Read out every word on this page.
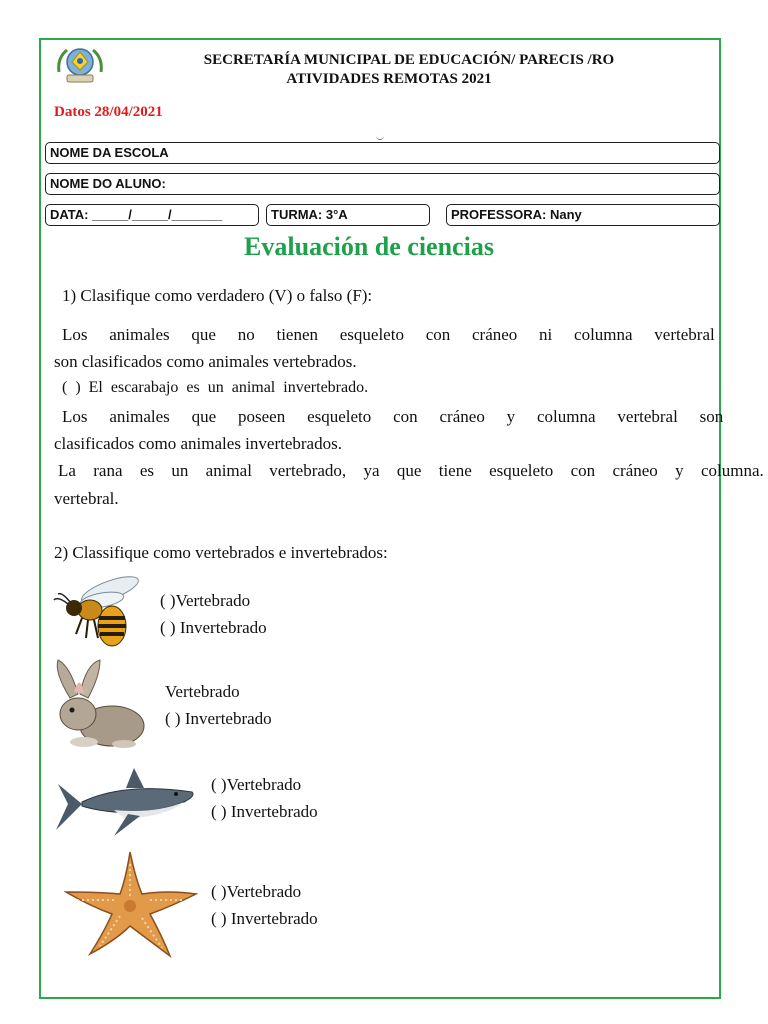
SECRETARÍA MUNICIPAL DE EDUCACIÓN/ PARECIS /RO
ATIVIDADES REMOTAS 2021
Datos 28/04/2021
NOME DA ESCOLA
NOME DO ALUNO:
DATA: _____/_____/_______	TURMA: 3°A	PROFESSORA: Nany
Evaluación de ciencias
1) Clasifique como verdadero (V) o falso (F):
Los animales que no tienen esqueleto con cráneo ni columna vertebral
son clasificados como animales vertebrados.
( ) El escarabajo es un animal invertebrado.
Los animales que poseen esqueleto con cráneo y columna vertebral son
clasificados como animales invertebrados.
La rana es un animal vertebrado, ya que tiene esqueleto con cráneo y columna.
vertebral.
2) Classifique como vertebrados e invertebrados:
( )Vertebrado
( ) Invertebrado
Vertebrado
( ) Invertebrado
( )Vertebrado
( ) Invertebrado
( )Vertebrado
( ) Invertebrado
